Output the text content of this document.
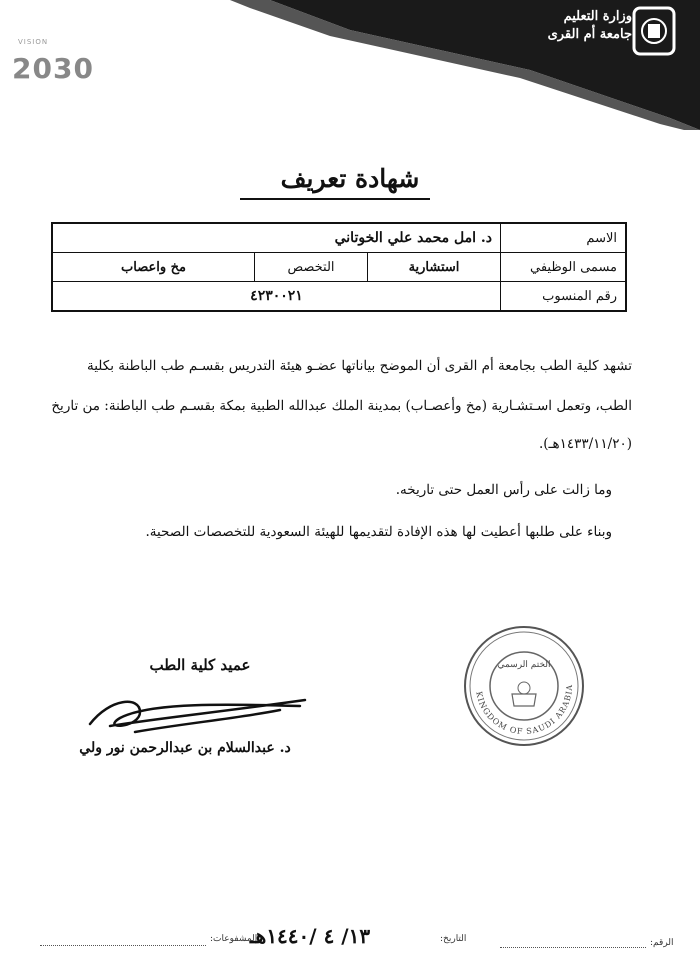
وزارة التعليم
جامعة أم القرى
VISION
2030
شهادة تعريف
الاسم	د. امل محمد علي الخوتاني		
مسمى الوظيفي	استشارية	التخصص	مخ واعصاب
رقم المنسوب	٤٢٣٠٠٢١		
تشهد كلية الطب بجامعة أم القرى أن الموضح بياناتها عضـو هيئة التدريس بقسـم طب الباطنة بكلية
الطب، وتعمل اسـتشـارية (مخ وأعصـاب) بمدينة الملك عبدالله الطبية بمكة بقسـم طب الباطنة: من تاريخ
(١٤٣٣/١١/٢٠هـ).
وما زالت على رأس العمل حتى تاريخه.
وبناء على طلبها أعطيت لها هذه الإفادة لتقديمها للهيئة السعودية للتخصصات الصحية.
عميد كلية الطب
د. عبدالسلام بن عبدالرحمن نور ولي
KINGDOM OF SAUDI ARABIA
الختم الرسمي
الرقم:
التاريخ:
١٣/ ٤ /١٤٤٠هـ
المشفوعات:
